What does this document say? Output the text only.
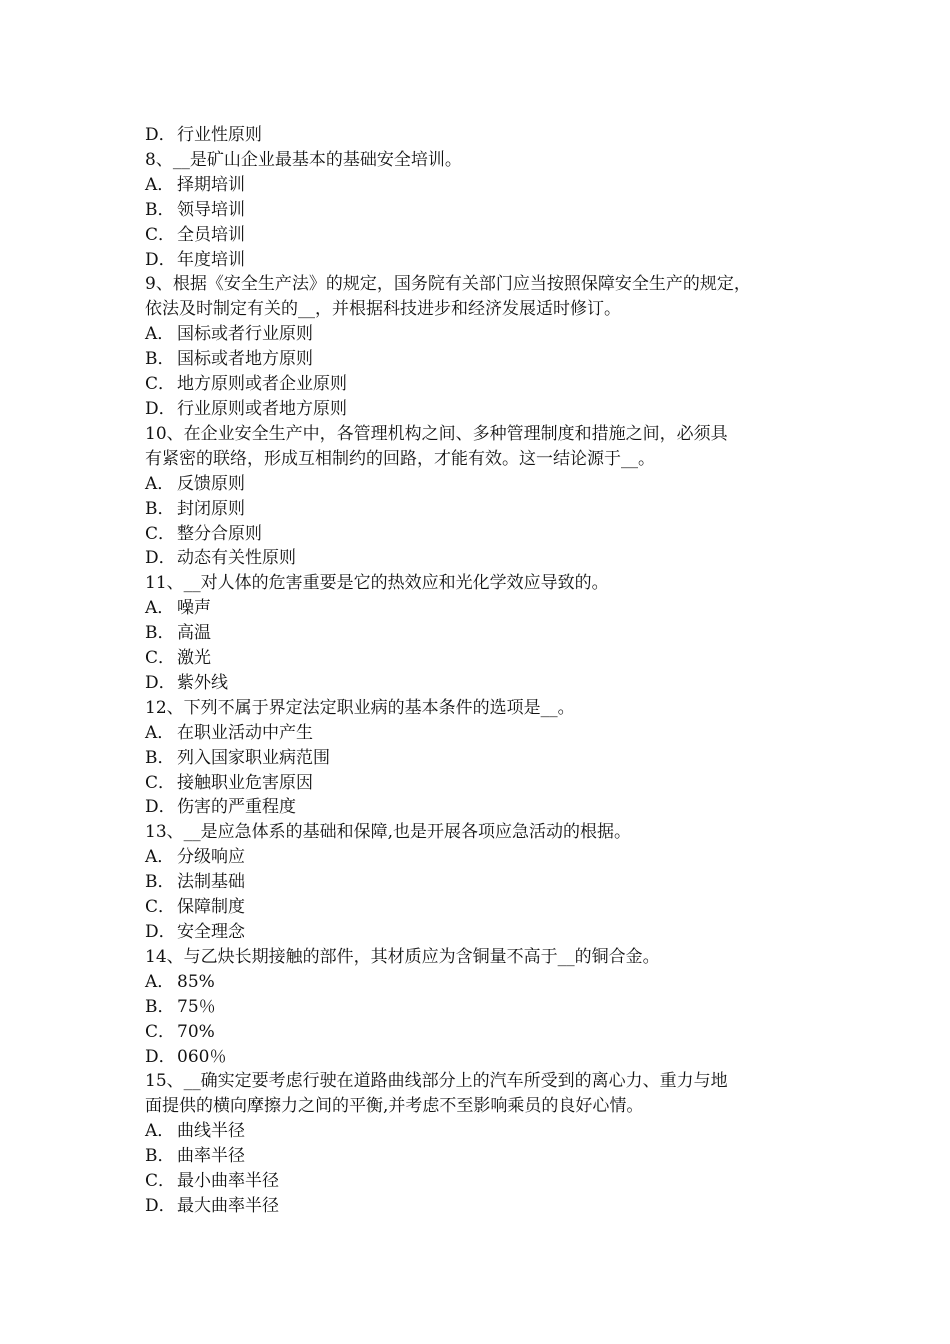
D．行业性原则
8、__是矿山企业最基本的基础安全培训。
A． 择期培训
B． 领导培训
C． 全员培训
D．年度培训
9、根据《安全生产法》的规定，国务院有关部门应当按照保障安全生产的规定，
依法及时制定有关的__，并根据科技进步和经济发展适时修订。
A． 国标或者行业原则
B． 国标或者地方原则
C． 地方原则或者企业原则
D．行业原则或者地方原则
10、在企业安全生产中，各管理机构之间、多种管理制度和措施之间，必须具
有紧密的联络，形成互相制约的回路，才能有效。这一结论源于__。
A． 反馈原则
B． 封闭原则
C． 整分合原则
D．动态有关性原则
11、__对人体的危害重要是它的热效应和光化学效应导致的。
A． 噪声
B． 高温
C． 激光
D．紫外线
12、下列不属于界定法定职业病的基本条件的选项是__。
A． 在职业活动中产生
B． 列入国家职业病范围
C． 接触职业危害原因
D．伤害的严重程度
13、__是应急体系的基础和保障,也是开展各项应急活动的根据。
A． 分级响应
B． 法制基础
C． 保障制度
D．安全理念
14、与乙炔长期接触的部件，其材质应为含铜量不高于__的铜合金。
A． 85%
B． 75％
C． 70%
D．060％
15、__确实定要考虑行驶在道路曲线部分上的汽车所受到的离心力、重力与地
面提供的横向摩擦力之间的平衡,并考虑不至影响乘员的良好心情。
A． 曲线半径
B． 曲率半径
C． 最小曲率半径
D．最大曲率半径
